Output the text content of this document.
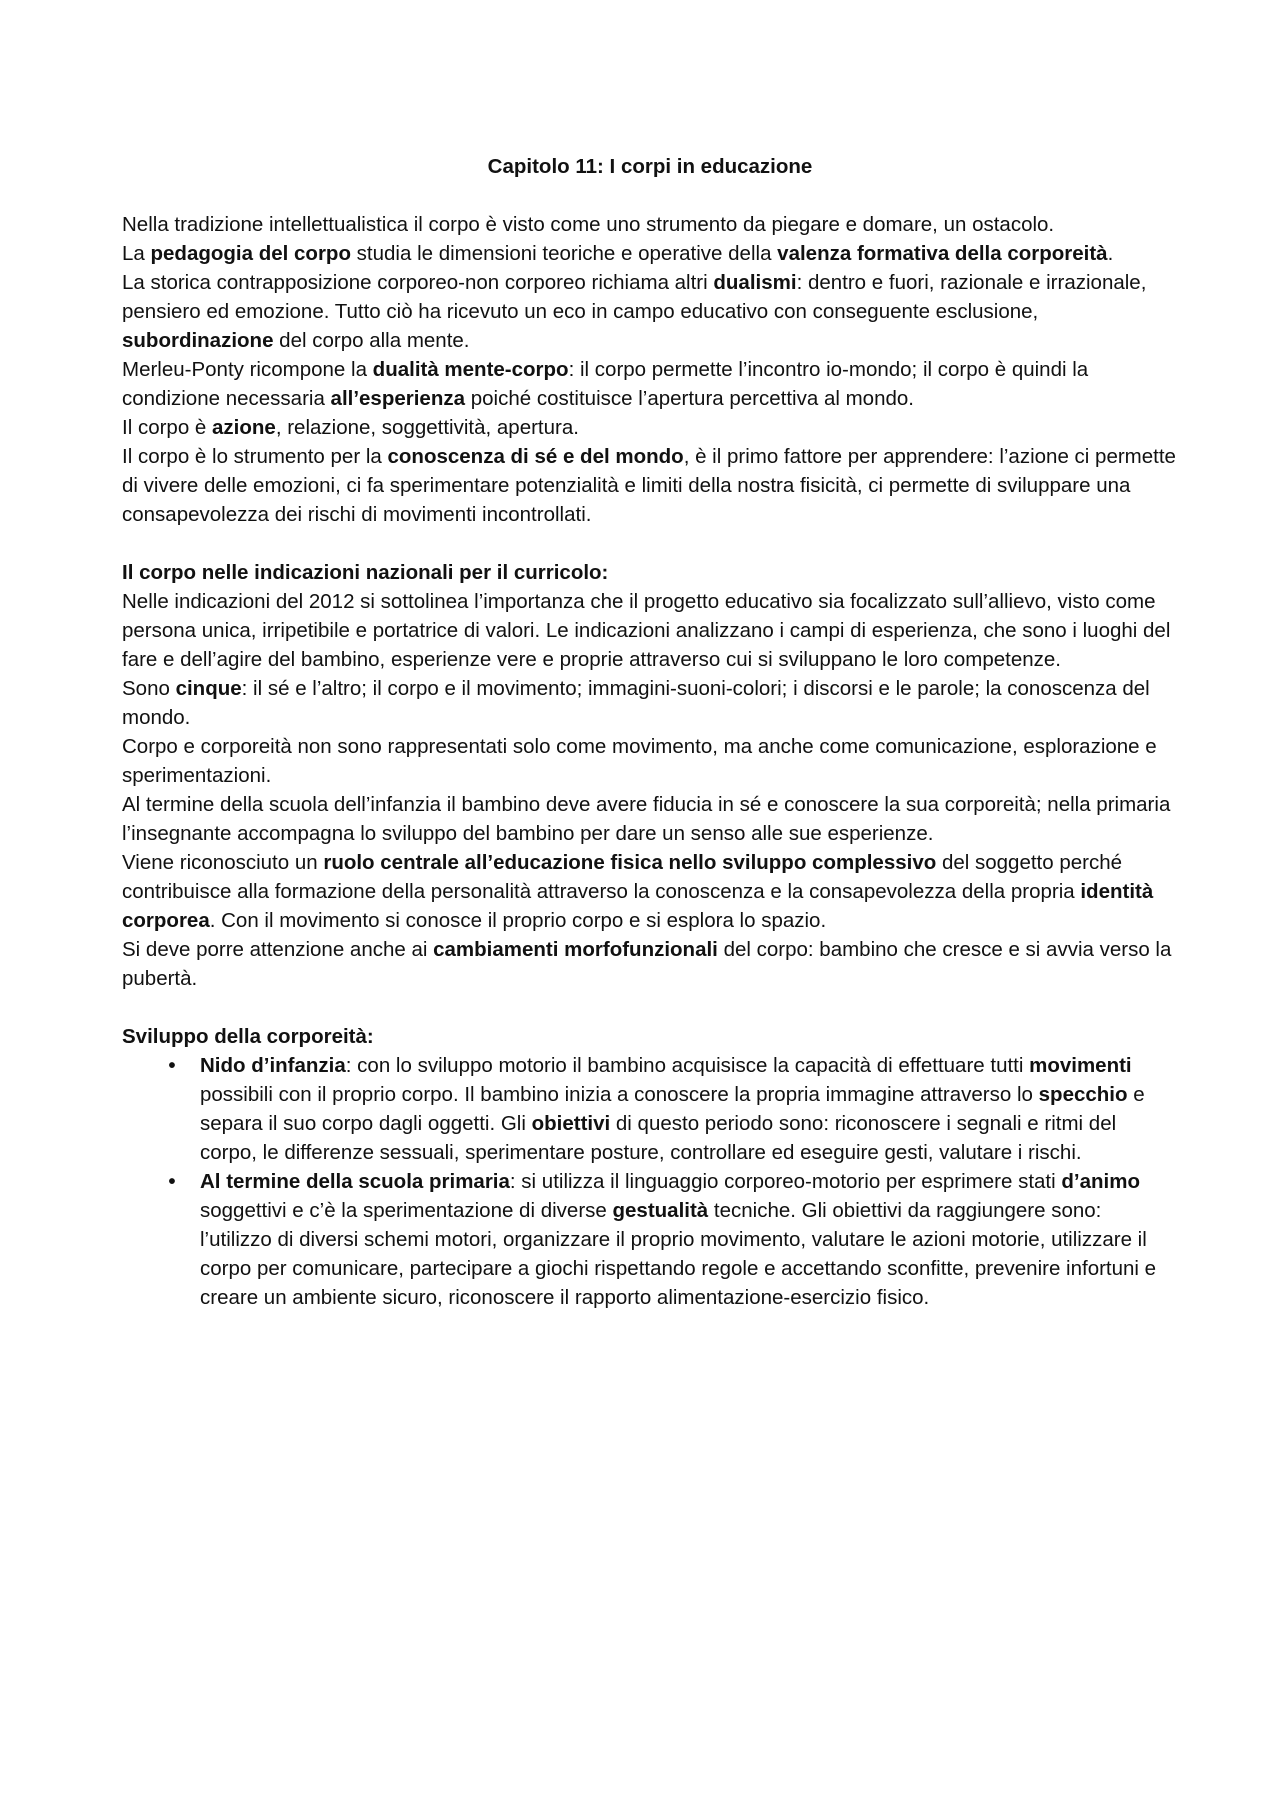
Capitolo 11: I corpi in educazione

Nella tradizione intellettualistica il corpo è visto come uno strumento da piegare e domare, un ostacolo.

La pedagogia del corpo studia le dimensioni teoriche e operative della valenza formativa della corporeità.

La storica contrapposizione corporeo-non corporeo richiama altri dualismi: dentro e fuori, razionale e irrazionale, pensiero ed emozione. Tutto ciò ha ricevuto un eco in campo educativo con conseguente esclusione, subordinazione del corpo alla mente.

Merleu-Ponty ricompone la dualità mente-corpo: il corpo permette l’incontro io-mondo; il corpo è quindi la condizione necessaria all’esperienza poiché costituisce l’apertura percettiva al mondo.

Il corpo è azione, relazione, soggettività, apertura.

Il corpo è lo strumento per la conoscenza di sé e del mondo, è il primo fattore per apprendere: l’azione ci permette di vivere delle emozioni, ci fa sperimentare potenzialità e limiti della nostra fisicità, ci permette di sviluppare una consapevolezza dei rischi di movimenti incontrollati.

Il corpo nelle indicazioni nazionali per il curricolo:

Nelle indicazioni del 2012 si sottolinea l’importanza che il progetto educativo sia focalizzato sull’allievo, visto come persona unica, irripetibile e portatrice di valori. Le indicazioni analizzano i campi di esperienza, che sono i luoghi del fare e dell’agire del bambino, esperienze vere e proprie attraverso cui si sviluppano le loro competenze.

Sono cinque: il sé e l’altro; il corpo e il movimento; immagini-suoni-colori; i discorsi e le parole; la conoscenza del mondo.

Corpo e corporeità non sono rappresentati solo come movimento, ma anche come comunicazione, esplorazione e sperimentazioni.

Al termine della scuola dell’infanzia il bambino deve avere fiducia in sé e conoscere la sua corporeità; nella primaria l’insegnante accompagna lo sviluppo del bambino per dare un senso alle sue esperienze.

Viene riconosciuto un ruolo centrale all’educazione fisica nello sviluppo complessivo del soggetto perché contribuisce alla formazione della personalità attraverso la conoscenza e la consapevolezza della propria identità corporea. Con il movimento si conosce il proprio corpo e si esplora lo spazio.

Si deve porre attenzione anche ai cambiamenti morfofunzionali del corpo: bambino che cresce e si avvia verso la pubertà.

Sviluppo della corporeità:

•	Nido d’infanzia: con lo sviluppo motorio il bambino acquisisce la capacità di effettuare tutti movimenti possibili con il proprio corpo. Il bambino inizia a conoscere la propria immagine attraverso lo specchio e separa il suo corpo dagli oggetti. Gli obiettivi di questo periodo sono: riconoscere i segnali e ritmi del corpo, le differenze sessuali, sperimentare posture, controllare ed eseguire gesti, valutare i rischi.
•	Al termine della scuola primaria: si utilizza il linguaggio corporeo-motorio per esprimere stati d’animo soggettivi e c’è la sperimentazione di diverse gestualità tecniche. Gli obiettivi da raggiungere sono: l’utilizzo di diversi schemi motori, organizzare il proprio movimento, valutare le azioni motorie, utilizzare il corpo per comunicare, partecipare a giochi rispettando regole e accettando sconfitte, prevenire infortuni e creare un ambiente sicuro, riconoscere il rapporto alimentazione-esercizio fisico.
